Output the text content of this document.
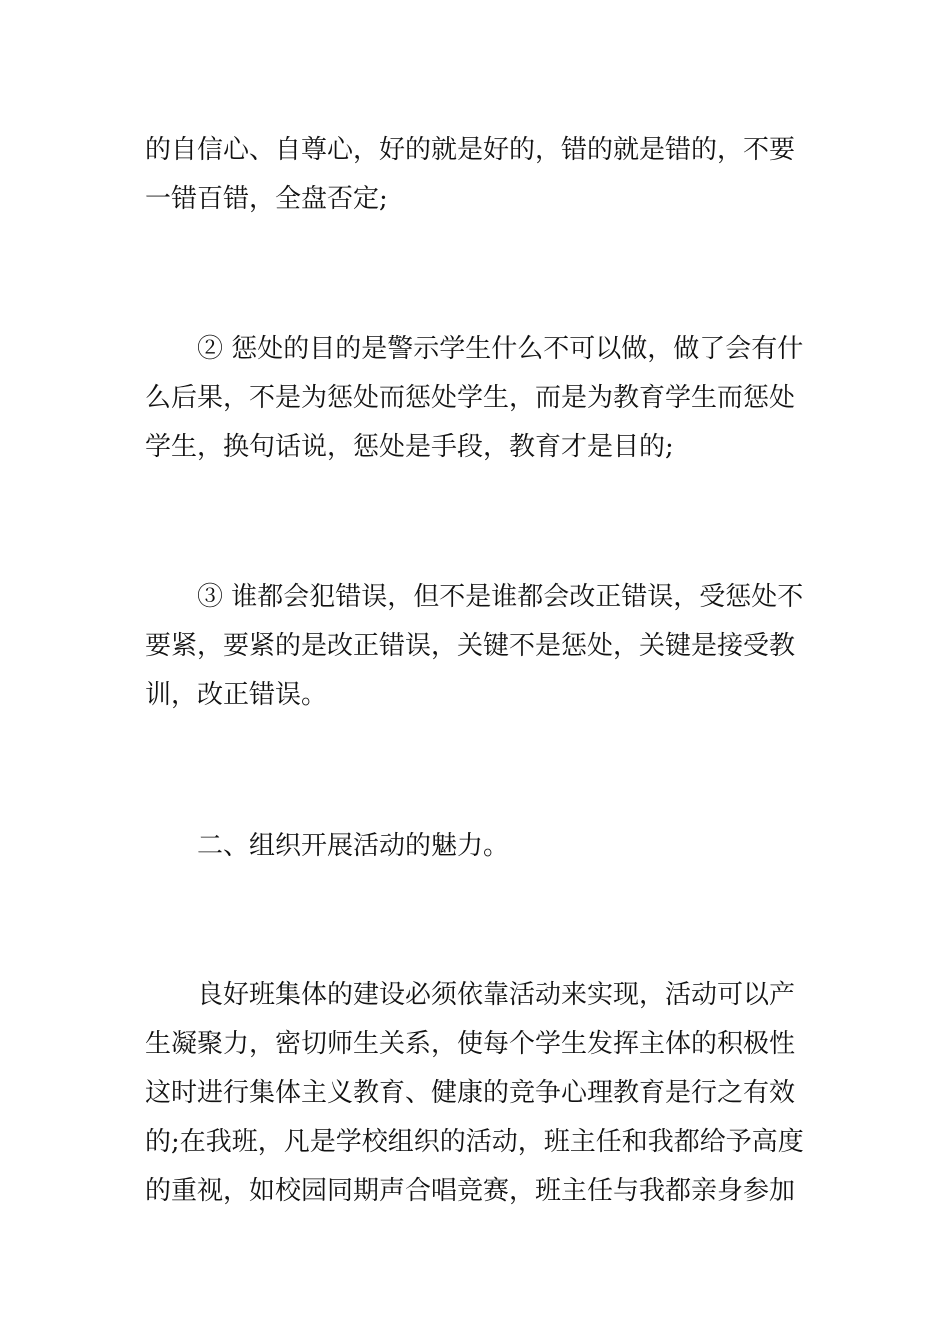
的自信心、自尊心，好的就是好的，错的就是错的，不要
一错百错，全盘否定;
　　② 惩处的目的是警示学生什么不可以做，做了会有什
么后果，不是为惩处而惩处学生，而是为教育学生而惩处
学生，换句话说，惩处是手段，教育才是目的;
　　③ 谁都会犯错误，但不是谁都会改正错误，受惩处不
要紧，要紧的是改正错误，关键不是惩处，关键是接受教
训，改正错误。
　　二、组织开展活动的魅力。
　　良好班集体的建设必须依靠活动来实现，活动可以产
生凝聚力，密切师生关系，使每个学生发挥主体的积极性
这时进行集体主义教育、健康的竞争心理教育是行之有效
的;在我班，凡是学校组织的活动，班主任和我都给予高度
的重视，如校园同期声合唱竞赛，班主任与我都亲身参加
